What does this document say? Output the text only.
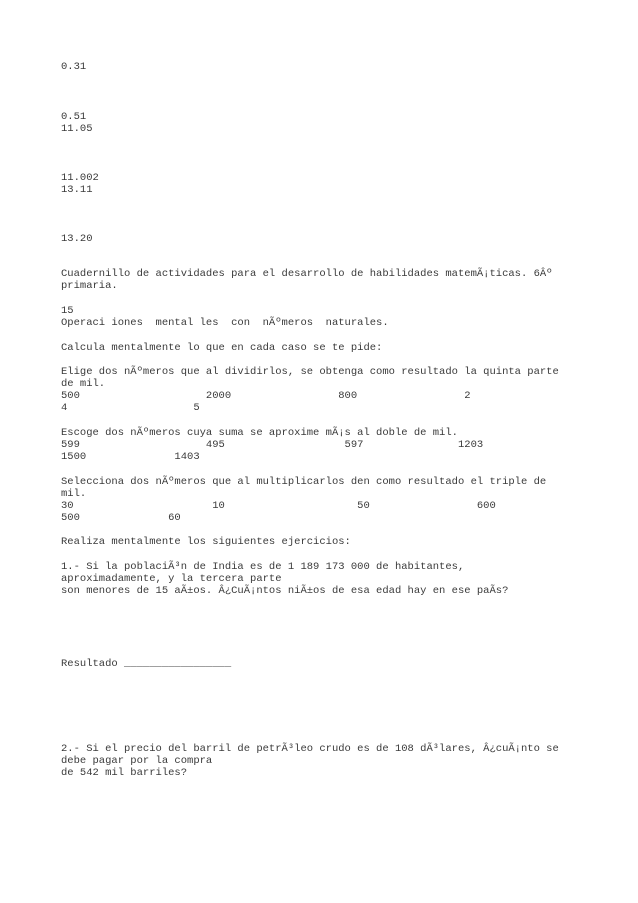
0.31

0.51

11.05

11.002

13.11

13.20

Cuadernillo de actividades para el desarrollo de habilidades matemÃ¡ticas. 6Âº

primaria.

15

Operaci iones  mental les  con  nÃºmeros  naturales.

Calcula mentalmente lo que en cada caso se te pide:

Elige dos nÃºmeros que al dividirlos, se obtenga como resultado la quinta parte

de mil.

500                    2000                 800                 2

4                    5

Escoge dos nÃºmeros cuya suma se aproxime mÃ¡s al doble de mil.

599                    495                   597               1203

1500              1403

Selecciona dos nÃºmeros que al multiplicarlos den como resultado el triple de

mil.

30                      10                     50                 600

500              60

Realiza mentalmente los siguientes ejercicios:

1.- Si la poblaciÃ³n de India es de 1 189 173 000 de habitantes,

aproximadamente, y la tercera parte

son menores de 15 aÃ±os. Â¿CuÃ¡ntos niÃ±os de esa edad hay en ese paÃs?

Resultado _________________

2.- Si el precio del barril de petrÃ³leo crudo es de 108 dÃ³lares, Â¿cuÃ¡nto se

debe pagar por la compra

de 542 mil barriles?
